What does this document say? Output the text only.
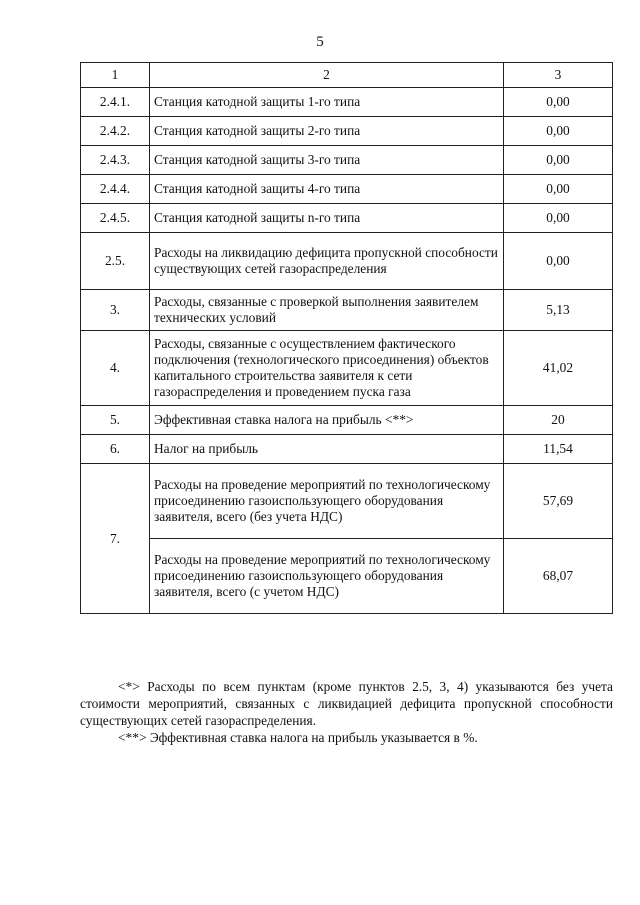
5
1	2	3
2.4.1.	Станция катодной защиты 1-го типа	0,00
2.4.2.	Станция катодной защиты 2-го типа	0,00
2.4.3.	Станция катодной защиты 3-го типа	0,00
2.4.4.	Станция катодной защиты 4-го типа	0,00
2.4.5.	Станция катодной защиты n-го типа	0,00
2.5.	Расходы на ликвидацию дефицита пропускной способности существующих сетей газораспределения	0,00
3.	Расходы, связанные с проверкой выполнения заявителем технических условий	5,13
4.	Расходы, связанные с осуществлением фактического подключения (технологического присоединения) объектов капитального строительства заявителя к сети газораспределения и проведением пуска газа	41,02
5.	Эффективная ставка налога на прибыль <**>	20
6.	Налог на прибыль	11,54
7.	Расходы на проведение мероприятий по технологическому присоединению газоиспользующего оборудования заявителя, всего (без учета НДС)	57,69
	Расходы на проведение мероприятий по технологическому присоединению газоиспользующего оборудования заявителя, всего (с учетом НДС)	68,07

<*> Расходы по всем пунктам (кроме пунктов 2.5, 3, 4) указываются без учета стоимости мероприятий, связанных с ликвидацией дефицита пропускной способности существующих сетей газораспределения.

<**> Эффективная ставка налога на прибыль указывается в %.
